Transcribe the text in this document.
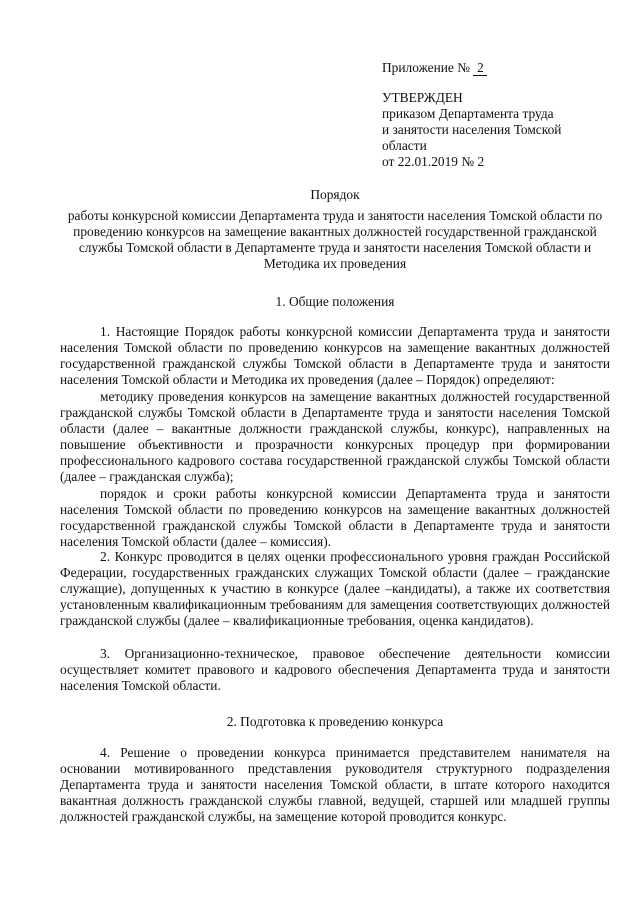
Приложение № 2

УТВЕРЖДЕН

приказом Департамента труда

и занятости населения Томской

области

от 22.01.2019 № 2

Порядок

работы конкурсной комиссии Департамента труда и занятости населения Томской области по проведению конкурсов на замещение вакантных должностей государственной гражданской службы Томской области в Департаменте труда и занятости населения Томской области и Методика их проведения

1. Общие положения

1. Настоящие Порядок работы конкурсной комиссии Департамента труда и занятости населения Томской области по проведению конкурсов на замещение вакантных должностей государственной гражданской службы Томской области в Департаменте труда и занятости населения Томской области и Методика их проведения (далее – Порядок) определяют:

методику проведения конкурсов на замещение вакантных должностей государственной гражданской службы Томской области в Департаменте труда и занятости населения Томской области (далее – вакантные должности гражданской службы, конкурс), направленных на повышение объективности и прозрачности конкурсных процедур при формировании профессионального кадрового состава государственной гражданской службы Томской области (далее – гражданская служба);

порядок и сроки работы конкурсной комиссии Департамента труда и занятости населения Томской области по проведению конкурсов на замещение вакантных должностей государственной гражданской службы Томской области в Департаменте труда и занятости населения Томской области (далее – комиссия).

2. Конкурс проводится в целях оценки профессионального уровня граждан Российской Федерации, государственных гражданских служащих Томской области (далее – гражданские служащие), допущенных к участию в конкурсе (далее –кандидаты), а также их соответствия установленным квалификационным требованиям для замещения соответствующих должностей гражданской службы (далее – квалификационные требования, оценка кандидатов).

3. Организационно-техническое, правовое обеспечение деятельности комиссии осуществляет комитет правового и кадрового обеспечения Департамента труда и занятости населения Томской области.

2. Подготовка к проведению конкурса

4. Решение о проведении конкурса принимается представителем нанимателя на основании мотивированного представления руководителя структурного подразделения Департамента труда и занятости населения Томской области, в штате которого находится вакантная должность гражданской службы главной, ведущей, старшей или младшей группы должностей гражданской службы, на замещение которой проводится конкурс.
